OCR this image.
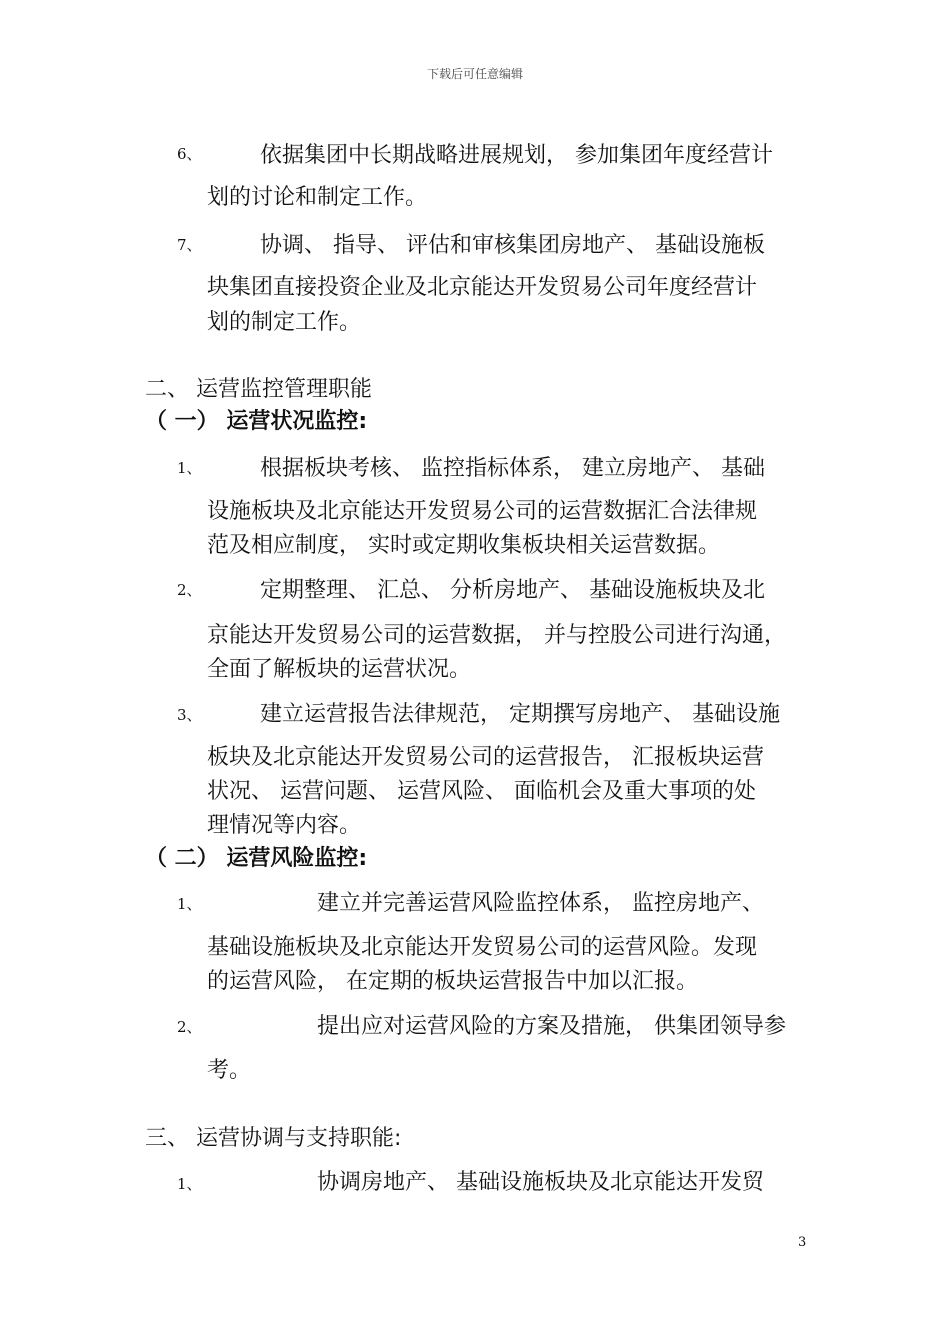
下载后可任意编辑
6、	依据集团中长期战略进展规划， 参加集团年度经营计
划的讨论和制定工作。
7、	协调、 指导、 评估和审核集团房地产、 基础设施板
块集团直接投资企业及北京能达开发贸易公司年度经营计
划的制定工作。
二、 运营监控管理职能
（ 一） 运营状况监控:
1、	根据板块考核、 监控指标体系， 建立房地产、 基础
设施板块及北京能达开发贸易公司的运营数据汇合法律规
范及相应制度， 实时或定期收集板块相关运营数据。
2、	定期整理、 汇总、 分析房地产、 基础设施板块及北
京能达开发贸易公司的运营数据， 并与控股公司进行沟通，
全面了解板块的运营状况。
3、	建立运营报告法律规范， 定期撰写房地产、 基础设施
板块及北京能达开发贸易公司的运营报告， 汇报板块运营
状况、 运营问题、 运营风险、 面临机会及重大事项的处
理情况等内容。
（ 二） 运营风险监控:
1、	建立并完善运营风险监控体系， 监控房地产、
基础设施板块及北京能达开发贸易公司的运营风险。发现
的运营风险， 在定期的板块运营报告中加以汇报。
2、	提出应对运营风险的方案及措施， 供集团领导参
考。
三、 运营协调与支持职能:
1、	协调房地产、 基础设施板块及北京能达开发贸
3
